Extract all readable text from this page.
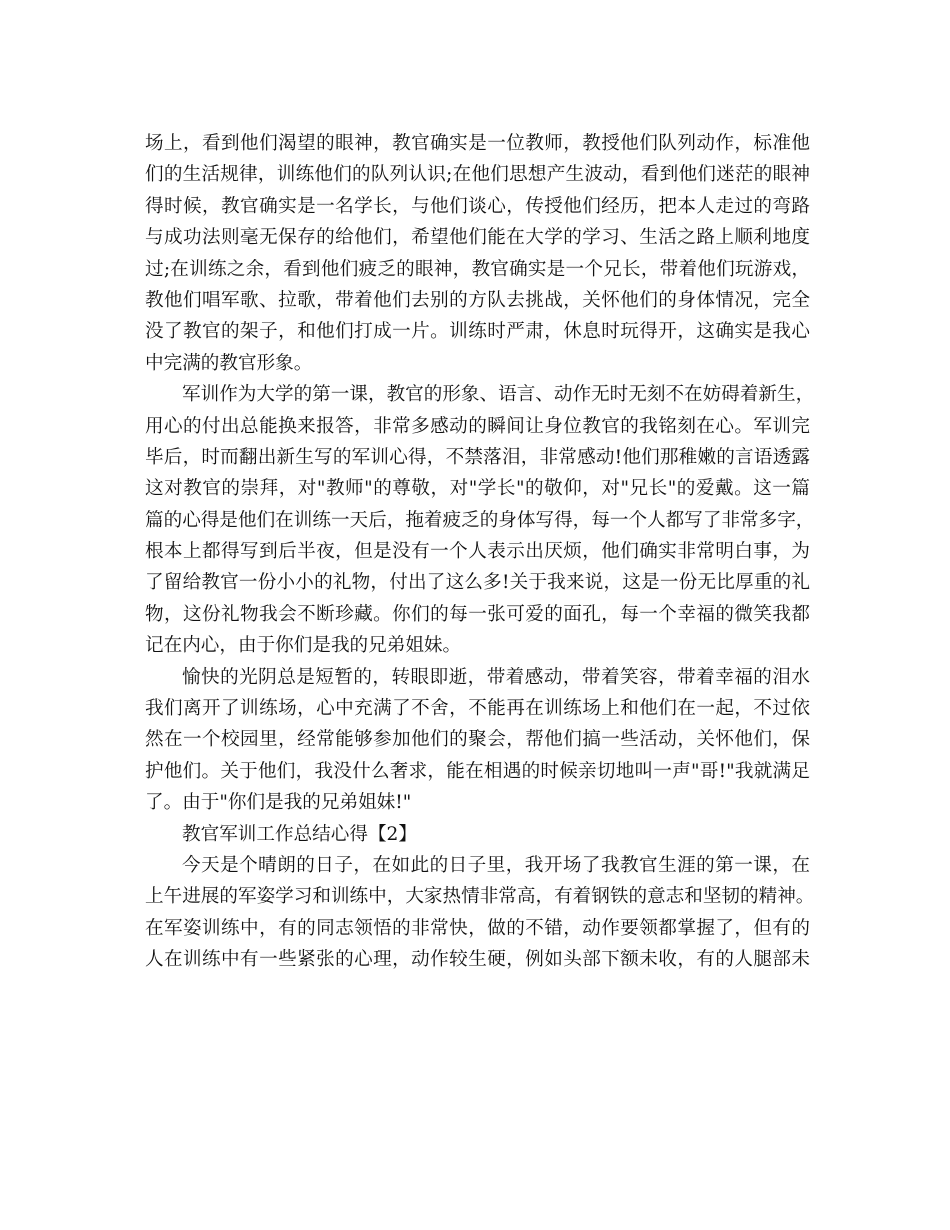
场上，看到他们渴望的眼神，教官确实是一位教师，教授他们队列动作，标准他
们的生活规律，训练他们的队列认识;在他们思想产生波动，看到他们迷茫的眼神
得时候，教官确实是一名学长，与他们谈心，传授他们经历，把本人走过的弯路
与成功法则毫无保存的给他们，希望他们能在大学的学习、生活之路上顺利地度
过;在训练之余，看到他们疲乏的眼神，教官确实是一个兄长，带着他们玩游戏，
教他们唱军歌、拉歌，带着他们去别的方队去挑战，关怀他们的身体情况，完全
没了教官的架子，和他们打成一片。训练时严肃，休息时玩得开，这确实是我心
中完满的教官形象。
军训作为大学的第一课，教官的形象、语言、动作无时无刻不在妨碍着新生，
用心的付出总能换来报答，非常多感动的瞬间让身位教官的我铭刻在心。军训完
毕后，时而翻出新生写的军训心得，不禁落泪，非常感动!他们那稚嫩的言语透露
这对教官的崇拜，对"教师"的尊敬，对"学长"的敬仰，对"兄长"的爱戴。这一篇
篇的心得是他们在训练一天后，拖着疲乏的身体写得，每一个人都写了非常多字，
根本上都得写到后半夜，但是没有一个人表示出厌烦，他们确实非常明白事，为
了留给教官一份小小的礼物，付出了这么多!关于我来说，这是一份无比厚重的礼
物，这份礼物我会不断珍藏。你们的每一张可爱的面孔，每一个幸福的微笑我都
记在内心，由于你们是我的兄弟姐妹。
愉快的光阴总是短暂的，转眼即逝，带着感动，带着笑容，带着幸福的泪水
我们离开了训练场，心中充满了不舍，不能再在训练场上和他们在一起，不过依
然在一个校园里，经常能够参加他们的聚会，帮他们搞一些活动，关怀他们，保
护他们。关于他们，我没什么奢求，能在相遇的时候亲切地叫一声"哥!"我就满足
了。由于"你们是我的兄弟姐妹!"
教官军训工作总结心得【2】
今天是个晴朗的日子，在如此的日子里，我开场了我教官生涯的第一课，在
上午进展的军姿学习和训练中，大家热情非常高，有着钢铁的意志和坚韧的精神。
在军姿训练中，有的同志领悟的非常快，做的不错，动作要领都掌握了，但有的
人在训练中有一些紧张的心理，动作较生硬，例如头部下额未收，有的人腿部未
